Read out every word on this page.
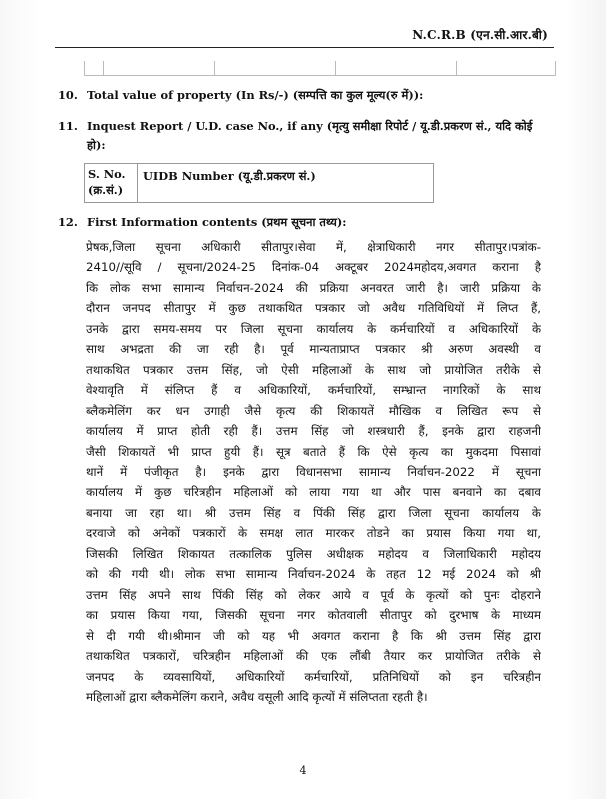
N.C.R.B (एन.सी.आर.बी)
10. Total value of property (In Rs/-) (सम्पत्ति का कुल मूल्य(रु में)):
11. Inquest Report / U.D. case No., if any (मृत्यु समीक्षा रिपोर्ट / यू.डी.प्रकरण सं., यदि कोई हो):
S. No. (क्र.सं.)
UIDB Number (यू.डी.प्रकरण सं.)
12. First Information contents (प्रथम सूचना तथ्य):
प्रेषक,जिला सूचना अधिकारी सीतापुर।सेवा में, क्षेत्राधिकारी नगर सीतापुर।पत्रांक-
2410//सूवि / सूचना/2024-25 दिनांक-04 अक्टूबर 2024महोदय,अवगत कराना है
कि लोक सभा सामान्य निर्वाचन-2024 की प्रक्रिया अनवरत जारी है। जारी प्रक्रिया के
दौरान जनपद सीतापुर में कुछ तथाकथित पत्रकार जो अवैध गतिविधियों में लिप्त हैं,
उनके द्वारा समय-समय पर जिला सूचना कार्यालय के कर्मचारियों व अधिकारियों के
साथ अभद्रता की जा रही है। पूर्व मान्यताप्राप्त पत्रकार श्री अरुण अवस्थी व
तथाकथित पत्रकार उत्तम सिंह, जो ऐसी महिलाओं के साथ जो प्रायोजित तरीके से
वेश्यावृति में संलिप्त हैं व अधिकारियों, कर्मचारियों, सम्भ्रान्त नागरिकों के साथ
ब्लैकमेलिंग कर धन उगाही जैसे कृत्य की शिकायतें मौखिक व लिखित रूप से
कार्यालय में प्राप्त होती रही हैं। उत्तम सिंह जो शस्त्रधारी हैं, इनके द्वारा राहजनी
जैसी शिकायतें भी प्राप्त हुयी हैं। सूत्र बताते हैं कि ऐसे कृत्य का मुकदमा पिसावां
थानें में पंजीकृत है। इनके द्वारा विधानसभा सामान्य निर्वाचन-2022 में सूचना
कार्यालय में कुछ चरित्रहीन महिलाओं को लाया गया था और पास बनवाने का दबाव
बनाया जा रहा था। श्री उत्तम सिंह व पिंकी सिंह द्वारा जिला सूचना कार्यालय के
दरवाजे को अनेकों पत्रकारों के समक्ष लात मारकर तोडने का प्रयास किया गया था,
जिसकी लिखित शिकायत तत्कालिक पुलिस अधीक्षक महोदय व जिलाधिकारी महोदय
को की गयी थी। लोक सभा सामान्य निर्वाचन-2024 के तहत 12 मई 2024 को श्री
उत्तम सिंह अपने साथ पिंकी सिंह को लेकर आये व पूर्व के कृत्यों को पुनः दोहराने
का प्रयास किया गया, जिसकी सूचना नगर कोतवाली सीतापुर को दुरभाष के माध्यम
से दी गयी थी।श्रीमान जी को यह भी अवगत कराना है कि श्री उत्तम सिंह द्वारा
तथाकथित पत्रकारों, चरित्रहीन महिलाओं की एक लौंबी तैयार कर प्रायोजित तरीके से
जनपद के व्यवसायियों, अधिकारियों कर्मचारियों, प्रतिनिधियों को इन चरित्रहीन
महिलाओं द्वारा ब्लैकमेलिंग कराने, अवैध वसूली आदि कृत्यों में संलिप्तता रहती है।
4
